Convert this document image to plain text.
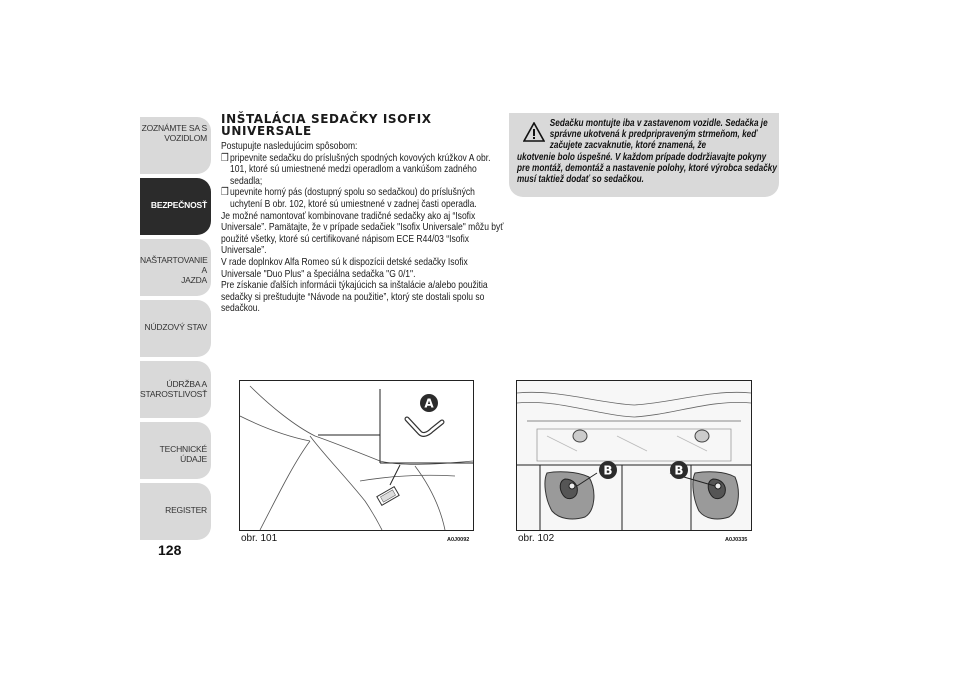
ZOZNÁMTE SA S
VOZIDLOM
BEZPEČNOSŤ
NAŠTARTOVANIE A
JAZDA
NÚDZOVÝ STAV
ÚDRŽBA A
STAROSTLIVOSŤ
TECHNICKÉ ÚDAJE
REGISTER
128
INŠTALÁCIA SEDAČKY ISOFIX
UNIVERSALE

Postupujte nasledujúcim spôsobom:

❒ pripevnite sedačku do príslušných spodných kovových krúžkov A obr. 101, ktoré sú umiestnené medzi operadlom a vankúšom zadného sedadla;
❒ upevnite horný pás (dostupný spolu so sedačkou) do príslušných uchytení B obr. 102, ktoré sú umiestnené v zadnej časti operadla.

Je možné namontovať kombinovane tradičné sedačky ako aj “Isofix Universale”. Pamätajte, že v prípade sedačiek "Isofix Universale" môžu byť použité všetky, ktoré sú certifikované nápisom ECE R44/03 “Isofix Universale”.

V rade doplnkov Alfa Romeo sú k dispozícii detské sedačky Isofix Universale "Duo Plus" a špeciálna sedačka "G 0/1".

Pre získanie ďalších informácii týkajúcich sa inštalácie a/alebo použitia sedačky si preštudujte “Návode na použitie”, ktorý ste dostali spolu so sedačkou.

Sedačku montujte iba v zastavenom vozidle. Sedačka je správne ukotvená k predpripraveným strmeňom, keď začujete zacvaknutie, ktoré znamená, že
ukotvenie bolo úspešné. V každom prípade dodržiavajte pokyny pre montáž, demontáž a nastavenie polohy, ktoré výrobca sedačky musí taktiež dodať so sedačkou.
A
obr. 101	A0J0092
B	B
obr. 102	A0J0335
